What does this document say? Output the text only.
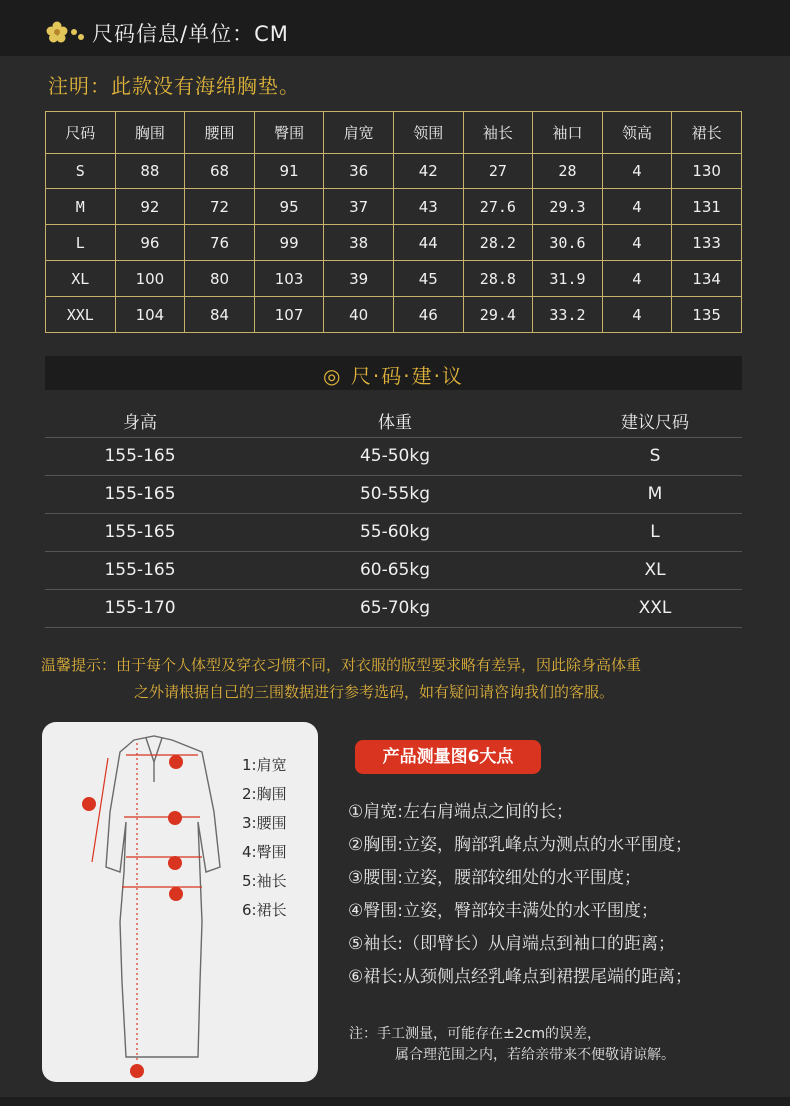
尺码信息/单位：CM
注明：此款没有海绵胸垫。
尺码	胸围	腰围	臀围	肩宽	领围	袖长	袖口	领高	裙长
S	88	68	91	36	42	27	28	4	130
M	92	72	95	37	43	27.6	29.3	4	131
L	96	76	99	38	44	28.2	30.6	4	133
XL	100	80	103	39	45	28.8	31.9	4	134
XXL	104	84	107	40	46	29.4	33.2	4	135
◎ 尺·码·建·议
身高	体重	建议尺码
155-165	45-50kg	S
155-165	50-55kg	M
155-165	55-60kg	L
155-165	60-65kg	XL
155-170	65-70kg	XXL
温馨提示：由于每个人体型及穿衣习惯不同，对衣服的版型要求略有差异，因此除身高体重
之外请根据自己的三围数据进行参考选码，如有疑问请咨询我们的客服。
1:肩宽
2:胸围
3:腰围
4:臀围
5:袖长
6:裙长
产品测量图6大点
①肩宽:左右肩端点之间的长；
②胸围:立姿，胸部乳峰点为测点的水平围度；
③腰围:立姿，腰部较细处的水平围度；
④臀围:立姿，臀部较丰满处的水平围度；
⑤袖长:（即臂长）从肩端点到袖口的距离；
⑥裙长:从颈侧点经乳峰点到裙摆尾端的距离；
注：手工测量，可能存在±2cm的误差，
属合理范围之内，若给亲带来不便敬请谅解。
